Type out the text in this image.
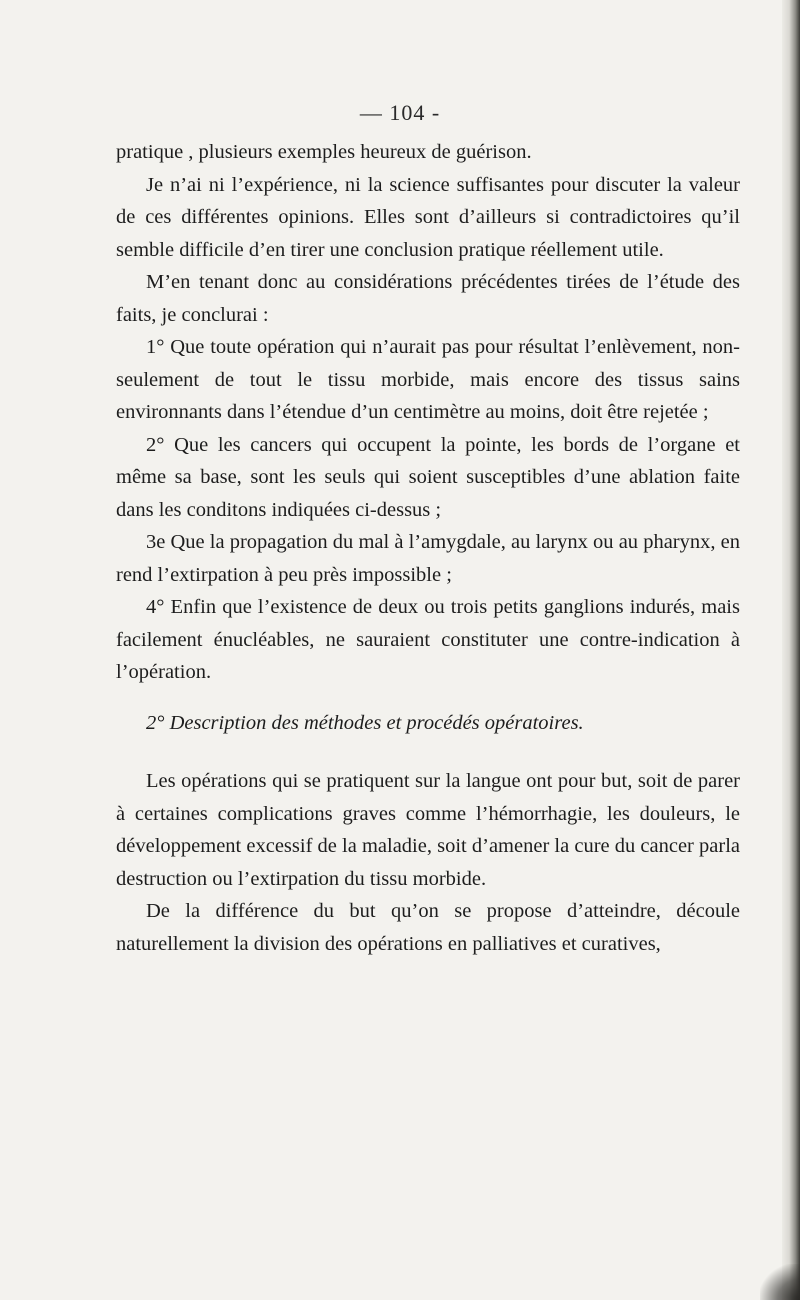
— 104 -

pratique , plusieurs exemples heureux de guérison.

Je n’ai ni l’expérience, ni la science suffisantes pour discuter la valeur de ces différentes opinions. Elles sont d’ailleurs si contradictoires qu’il semble difficile d’en tirer une conclusion pratique réellement utile.

M’en tenant donc au considérations précédentes tirées de l’étude des faits, je conclurai :

1° Que toute opération qui n’aurait pas pour résultat l’enlèvement, non-seulement de tout le tissu morbide, mais encore des tissus sains environnants dans l’étendue d’un centimètre au moins, doit être rejetée ;

2° Que les cancers qui occupent la pointe, les bords de l’organe et même sa base, sont les seuls qui soient susceptibles d’une ablation faite dans les conditons indiquées ci-dessus ;

3e Que la propagation du mal à l’amygdale, au larynx ou au pharynx, en rend l’extirpation à peu près impossible ;

4° Enfin que l’existence de deux ou trois petits ganglions indurés, mais facilement énucléables, ne sauraient constituter une contre-indication à l’opération.

2° Description des méthodes et procédés opératoires.

Les opérations qui se pratiquent sur la langue ont pour but, soit de parer à certaines complications graves comme l’hémorrhagie, les douleurs, le développement excessif de la maladie, soit d’amener la cure du cancer parla destruction ou l’extirpation du tissu morbide.

De la différence du but qu’on se propose d’atteindre, découle naturellement la division des opérations en palliatives et curatives,
